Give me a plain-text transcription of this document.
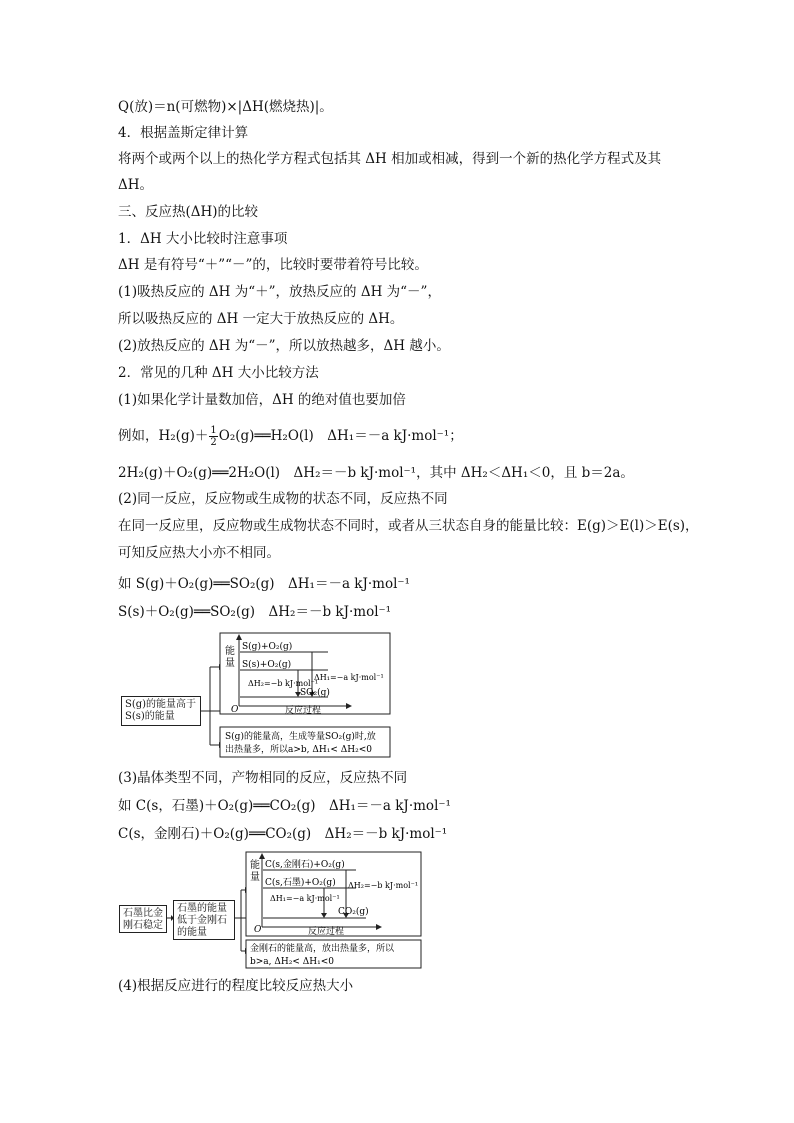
Q(放)＝n(可燃物)×|ΔH(燃烧热)|。
4．根据盖斯定律计算
将两个或两个以上的热化学方程式包括其 ΔH 相加或相减，得到一个新的热化学方程式及其
ΔH。
三、反应热(ΔH)的比较
1．ΔH 大小比较时注意事项
ΔH 是有符号“＋”“－”的，比较时要带着符号比较。
(1)吸热反应的 ΔH 为“＋”，放热反应的 ΔH 为“－”，
所以吸热反应的 ΔH 一定大于放热反应的 ΔH。
(2)放热反应的 ΔH 为“－”，所以放热越多，ΔH 越小。
2．常见的几种 ΔH 大小比较方法
(1)如果化学计量数加倍，ΔH 的绝对值也要加倍
例如，$H_2(g)+ \frac{1}{2}$ O₂(g)══H₂O(l)　ΔH₁＝－a kJ·mol⁻¹；
2H₂(g)＋O₂(g)══2H₂O(l)　ΔH₂＝－b kJ·mol⁻¹，其中 ΔH₂＜ΔH₁＜0，且 b＝2a。
(2)同一反应，反应物或生成物的状态不同，反应热不同
在同一反应里，反应物或生成物状态不同时，或者从三状态自身的能量比较：E(g)＞E(l)＞E(s)，
可知反应热大小亦不相同。
如 S(g)＋O₂(g)══SO₂(g)　ΔH₁＝－a kJ·mol⁻¹
S(s)＋O₂(g)══SO₂(g)　ΔH₂＝－b kJ·mol⁻¹
S(g)的能量高于S(s)的能量
能
量
S(g)+O₂(g)
S(s)+O₂(g)
ΔH₁=−a kJ·mol⁻¹
ΔH₂=−b kJ·mol⁻¹
SO₂(g)
O	反应过程
S(g)的能量高，生成等量SO₂(g)时,放
出热量多，所以a>b, ΔH₁< ΔH₂<0
(3)晶体类型不同，产物相同的反应，反应热不同
如 C(s，石墨)＋O₂(g)══CO₂(g)　ΔH₁＝－a kJ·mol⁻¹
C(s，金刚石)＋O₂(g)══CO₂(g)　ΔH₂＝－b kJ·mol⁻¹
石墨比金刚石稳定
石墨的能量低于金刚石的能量
能
量
C(s,金刚石)+O₂(g)
C(s,石墨)+O₂(g) ΔH₂=−b kJ·mol⁻¹
ΔH₁=−a kJ·mol⁻¹
CO₂(g)
O	反应过程
金刚石的能量高，放出热量多，所以
b>a, ΔH₂< ΔH₁<0
(4)根据反应进行的程度比较反应热大小
